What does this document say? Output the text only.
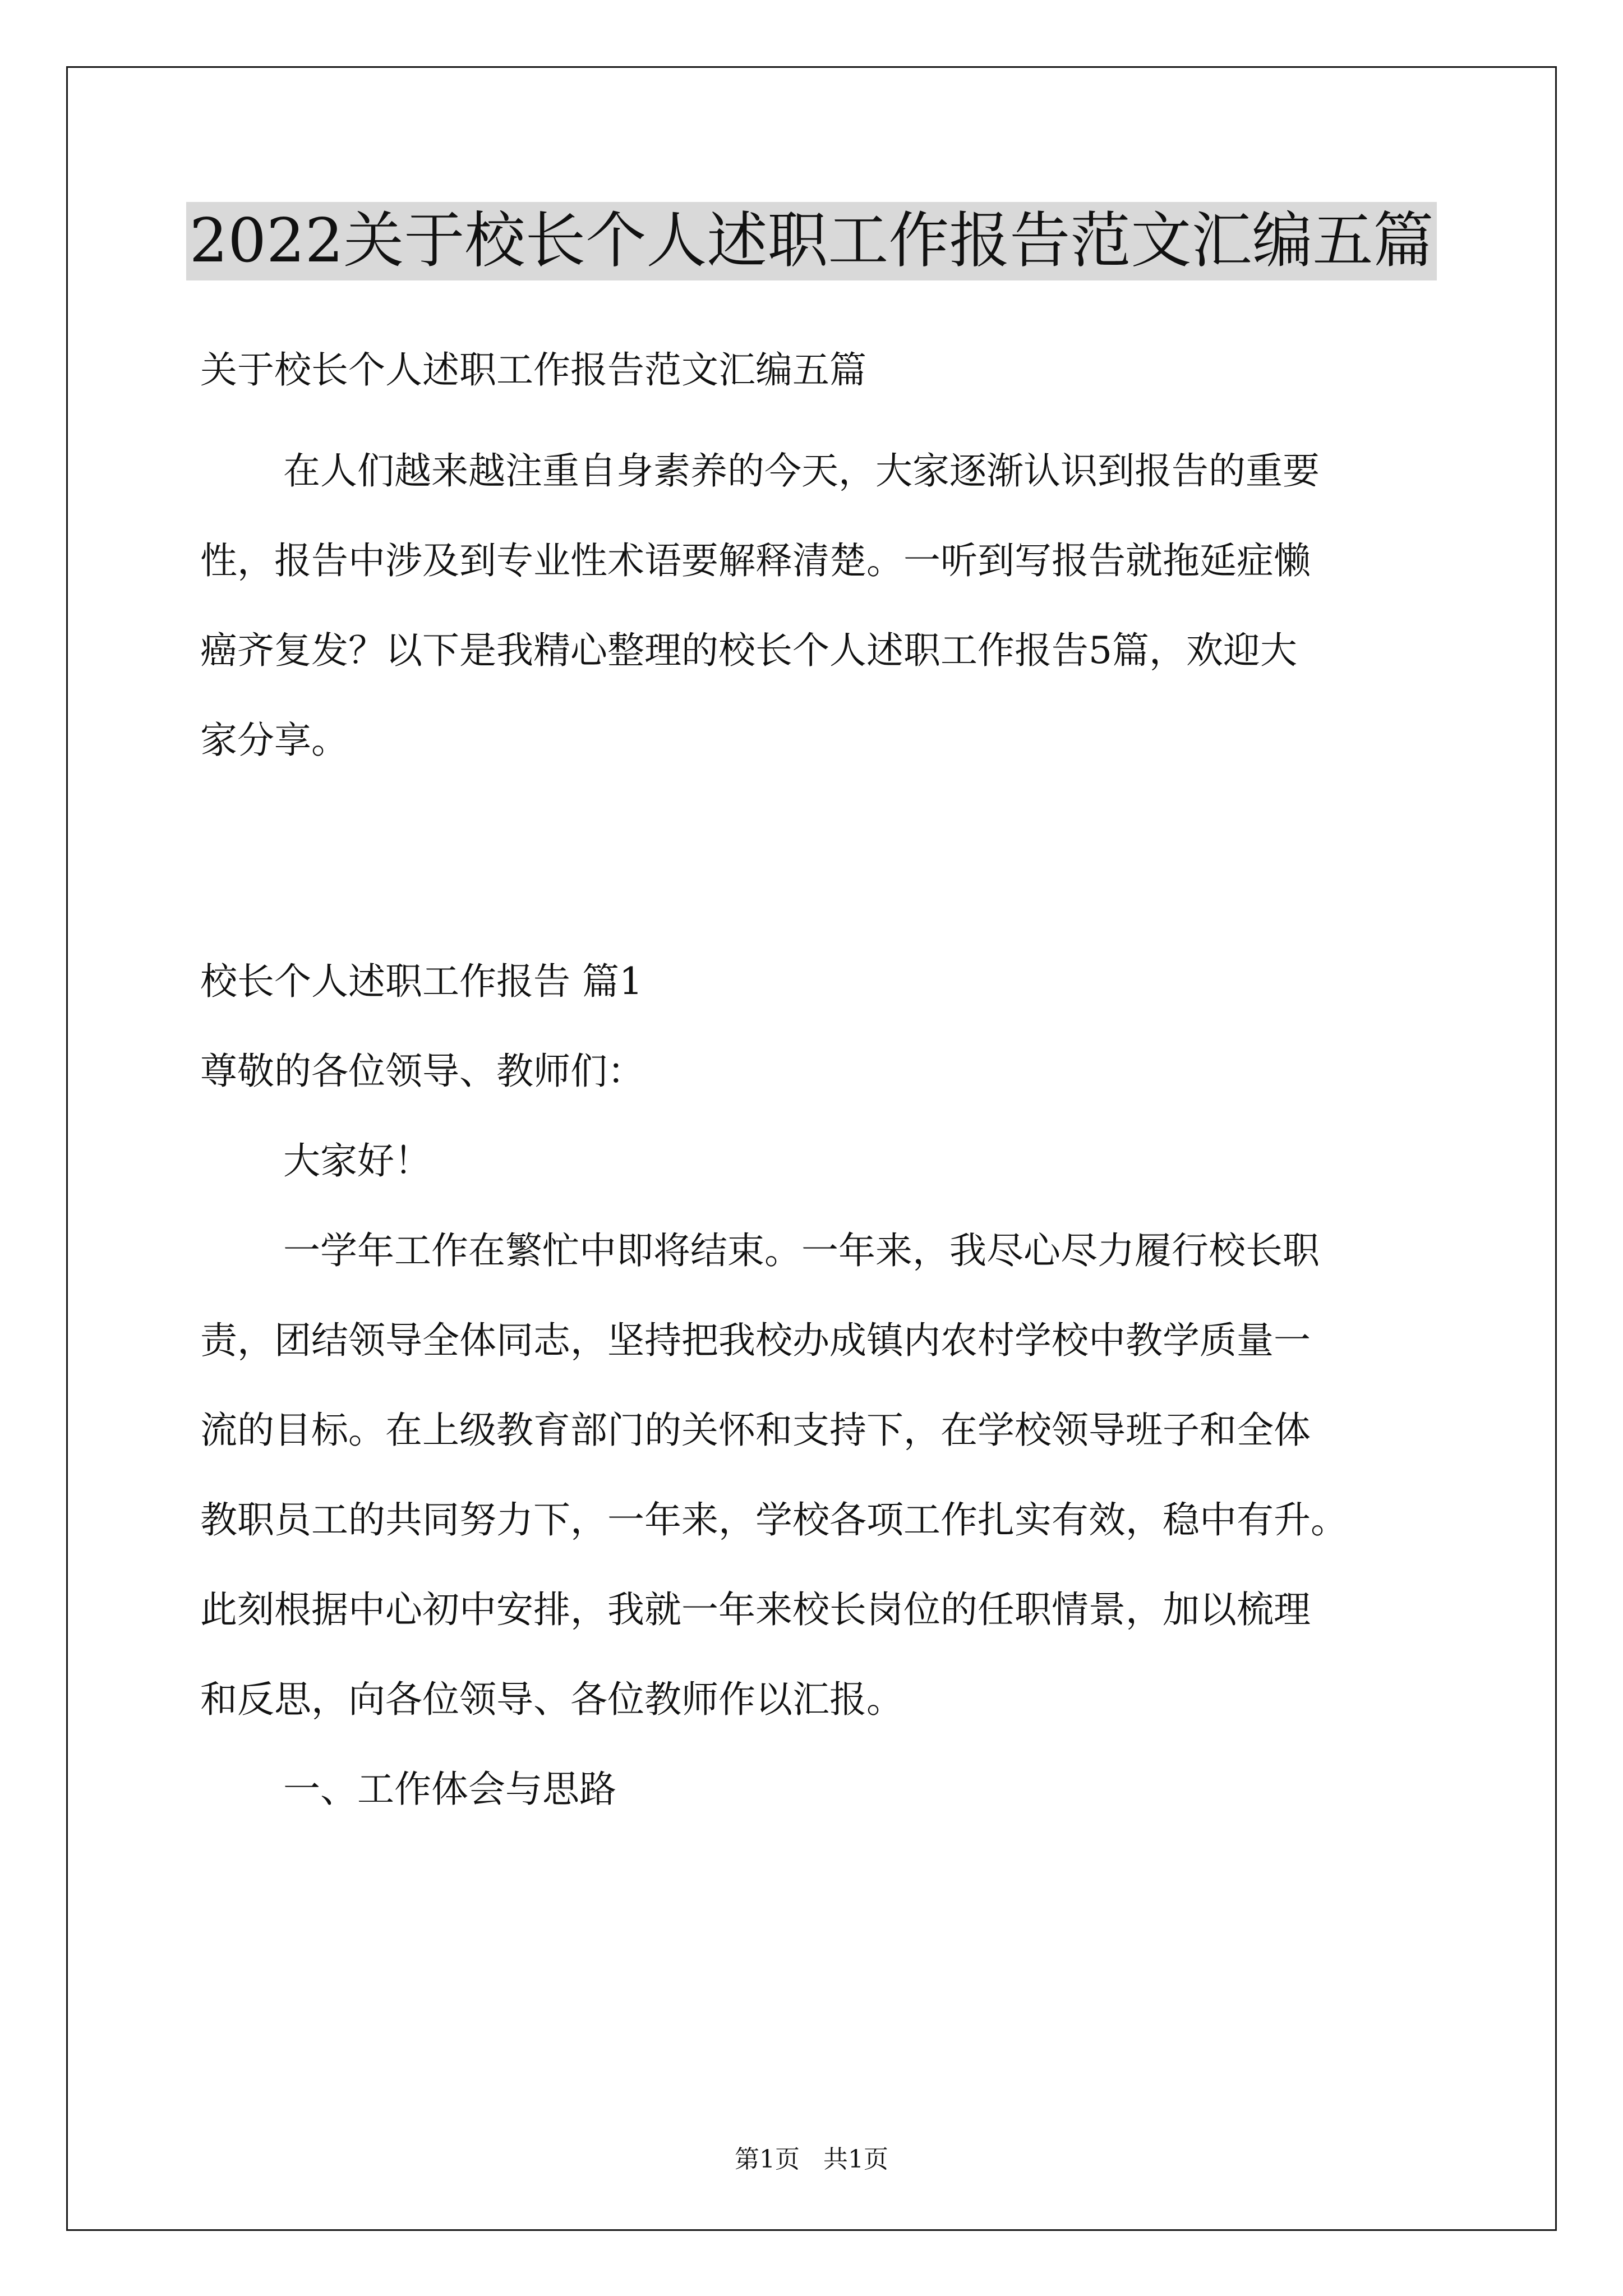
2022关于校长个人述职工作报告范文汇编五篇
关于校长个人述职工作报告范文汇编五篇
在人们越来越注重自身素养的今天，大家逐渐认识到报告的重要
性，报告中涉及到专业性术语要解释清楚。一听到写报告就拖延症懒
癌齐复发？以下是我精心整理的校长个人述职工作报告5篇，欢迎大
家分享。
校长个人述职工作报告 篇1
尊敬的各位领导、教师们：
大家好！
一学年工作在繁忙中即将结束。一年来，我尽心尽力履行校长职
责，团结领导全体同志，坚持把我校办成镇内农村学校中教学质量一
流的目标。在上级教育部门的关怀和支持下，在学校领导班子和全体
教职员工的共同努力下，一年来，学校各项工作扎实有效，稳中有升。
此刻根据中心初中安排，我就一年来校长岗位的任职情景，加以梳理
和反思，向各位领导、各位教师作以汇报。
一、工作体会与思路
第1页 共1页
